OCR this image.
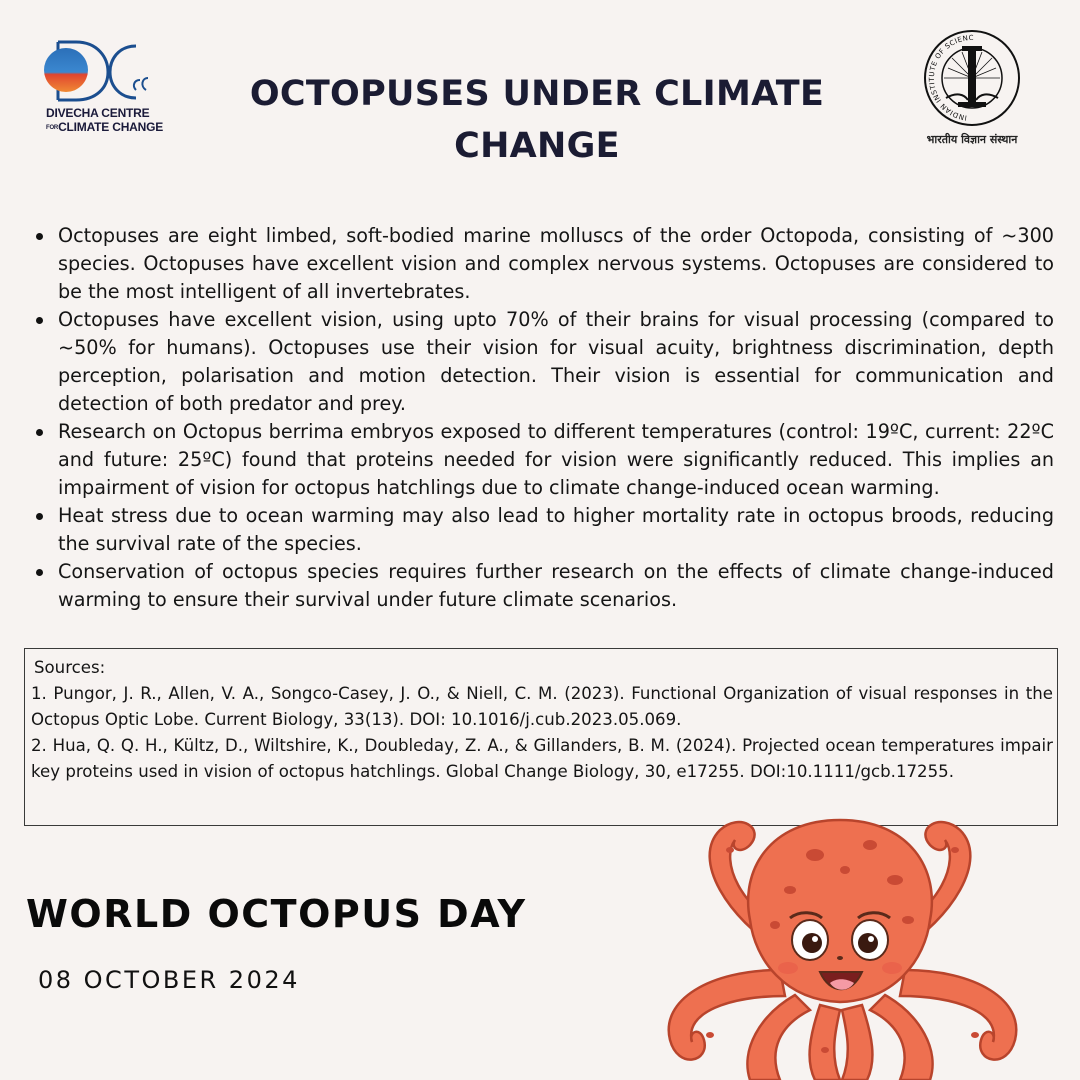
DIVECHA CENTRE
FORCLIMATE CHANGE
OCTOPUSES UNDER CLIMATE CHANGE
INDIAN INSTITUTE OF SCIENC
भारतीय विज्ञान संस्थान
Octopuses are eight limbed, soft-bodied marine molluscs of the order Octopoda, consisting of ~300 species. Octopuses have excellent vision and complex nervous systems. Octopuses are considered to be the most intelligent of all invertebrates.
Octopuses have excellent vision, using upto 70% of their brains for visual processing (compared to ~50% for humans). Octopuses use their vision for visual acuity, brightness discrimination, depth perception, polarisation and motion detection. Their vision is essential for communication and detection of both predator and prey.
Research on Octopus berrima embryos exposed to different temperatures (control: 19ºC, current: 22ºC and future: 25ºC) found that proteins needed for vision were significantly reduced. This implies an impairment of vision for octopus hatchlings due to climate change-induced ocean warming.
Heat stress due to ocean warming may also lead to higher mortality rate in octopus broods, reducing the survival rate of the species.
Conservation of octopus species requires further research on the effects of climate change-induced warming to ensure their survival under future climate scenarios.

Sources:

1. Pungor, J. R., Allen, V. A., Songco-Casey, J. O., & Niell, C. M. (2023). Functional Organization of visual responses in the Octopus Optic Lobe. Current Biology, 33(13). DOI: 10.1016/j.cub.2023.05.069.

2. Hua, Q. Q. H., Kültz, D., Wiltshire, K., Doubleday, Z. A., & Gillanders, B. M. (2024). Projected ocean temperatures impair key proteins used in vision of octopus hatchlings. Global Change Biology, 30, e17255. DOI:10.1111/gcb.17255.

WORLD OCTOPUS DAY
08 OCTOBER 2024
